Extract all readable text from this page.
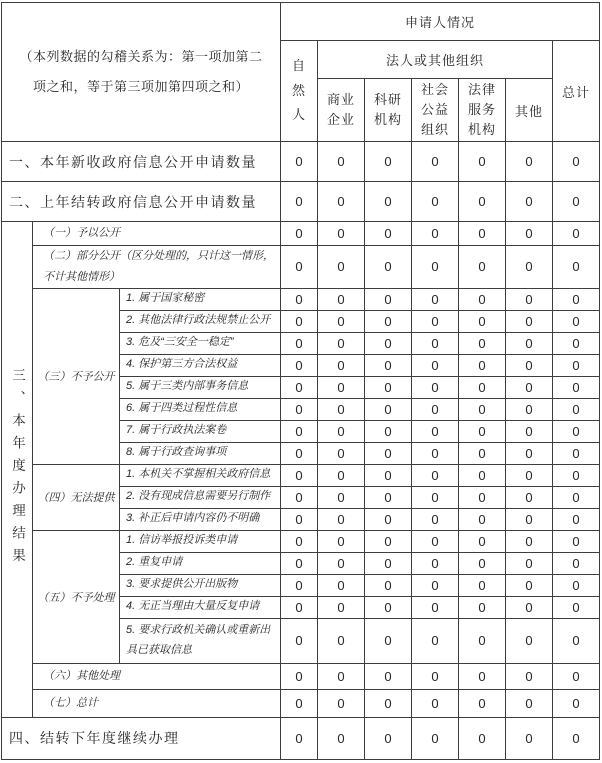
（本列数据的勾稽关系为：第一项加第二项之和，等于第三项加第四项之和）			申请人情况						

			自然人	法人或其他组织					总计

				商业企业	科研机构	社会公益组织	法律服务机构	其他	
一、本年新收政府信息公开申请数量			0	0	0	0	0	0	0
二、上年结转政府信息公开申请数量			0	0	0	0	0	0	0

三、本年度办理结果	（一）予以公开		0	0	0	0	0	0	0
	（二）部分公开（区分处理的，只计这一情形，不计其他情形）		0	0	0	0	0	0	0
	（三）不予公开	1. 属于国家秘密	0	0	0	0	0	0	0
		2. 其他法律行政法规禁止公开	0	0	0	0	0	0	0
		3. 危及“三安全一稳定”	0	0	0	0	0	0	0
		4. 保护第三方合法权益	0	0	0	0	0	0	0
		5. 属于三类内部事务信息	0	0	0	0	0	0	0
		6. 属于四类过程性信息	0	0	0	0	0	0	0
		7. 属于行政执法案卷	0	0	0	0	0	0	0
		8. 属于行政查询事项	0	0	0	0	0	0	0
	（四）无法提供	1. 本机关不掌握相关政府信息	0	0	0	0	0	0	0
		2. 没有现成信息需要另行制作	0	0	0	0	0	0	0
		3. 补正后申请内容仍不明确	0	0	0	0	0	0	0
	（五）不予处理	1. 信访举报投诉类申请	0	0	0	0	0	0	0
		2. 重复申请	0	0	0	0	0	0	0
		3. 要求提供公开出版物	0	0	0	0	0	0	0
		4. 无正当理由大量反复申请	0	0	0	0	0	0	0
		5. 要求行政机关确认或重新出具已获取信息	0	0	0	0	0	0	0
	（六）其他处理		0	0	0	0	0	0	0
	（七）总计		0	0	0	0	0	0	0
四、结转下年度继续办理			0	0	0	0	0	0	0
